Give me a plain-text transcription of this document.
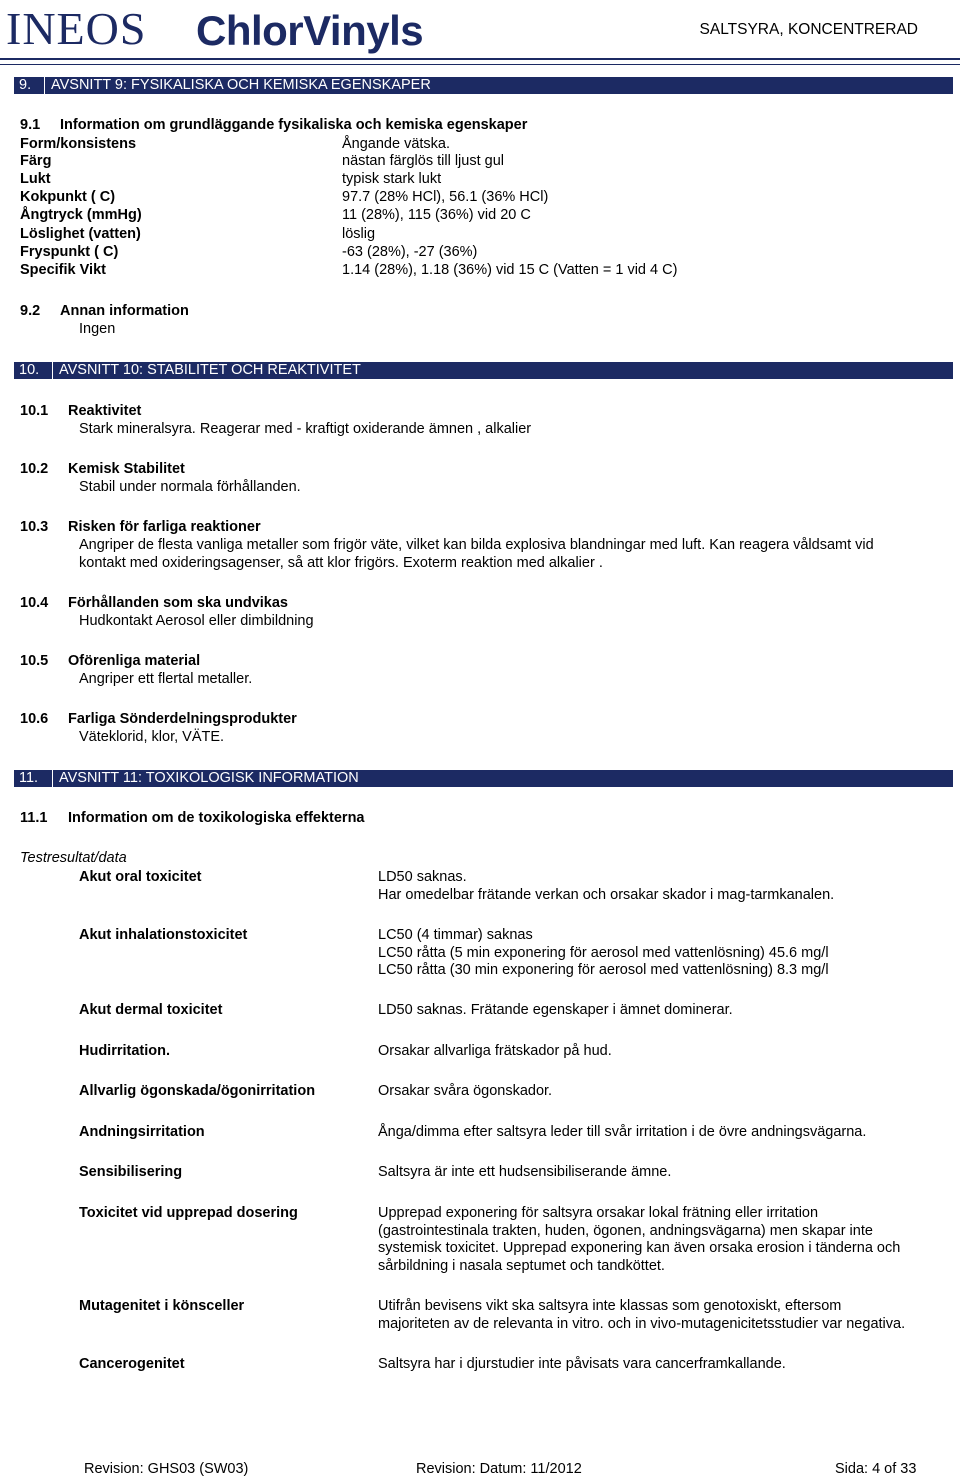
INEOS ChlorVinyls	SALTSYRA, KONCENTRERAD
9. AVSNITT 9: FYSIKALISKA OCH KEMISKA EGENSKAPER
9.1 Information om grundläggande fysikaliska och kemiska egenskaper
Form/konsistens	Ångande vätska.
Färg	nästan färglös till ljust gul
Lukt	typisk stark lukt
Kokpunkt ( C)	97.7 (28% HCl), 56.1 (36% HCl)
Ångtryck (mmHg)	11 (28%), 115 (36%) vid 20 C
Löslighet (vatten)	löslig
Fryspunkt ( C)	-63 (28%), -27 (36%)
Specifik Vikt	1.14 (28%), 1.18 (36%) vid 15 C (Vatten = 1 vid 4 C)
9.2 Annan information
Ingen
10. AVSNITT 10: STABILITET OCH REAKTIVITET
10.1 Reaktivitet
Stark mineralsyra. Reagerar med - kraftigt oxiderande ämnen , alkalier
10.2 Kemisk Stabilitet
Stabil under normala förhållanden.
10.3 Risken för farliga reaktioner
Angriper de flesta vanliga metaller som frigör väte, vilket kan bilda explosiva blandningar med luft. Kan reagera våldsamt vid
kontakt med oxideringsagenser, så att klor frigörs. Exoterm reaktion med alkalier .
10.4 Förhållanden som ska undvikas
Hudkontakt Aerosol eller dimbildning
10.5 Oförenliga material
Angriper ett flertal metaller.
10.6 Farliga Sönderdelningsprodukter
Väteklorid, klor, VÄTE.
11. AVSNITT 11: TOXIKOLOGISK INFORMATION
11.1 Information om de toxikologiska effekterna
Testresultat/data
Akut oral toxicitet	LD50 saknas.
Har omedelbar frätande verkan och orsakar skador i mag-tarmkanalen.
Akut inhalationstoxicitet	LC50 (4 timmar) saknas
LC50 råtta (5 min exponering för aerosol med vattenlösning) 45.6 mg/l
LC50 råtta (30 min exponering för aerosol med vattenlösning) 8.3 mg/l
Akut dermal toxicitet	LD50 saknas. Frätande egenskaper i ämnet dominerar.
Hudirritation.	Orsakar allvarliga frätskador på hud.
Allvarlig ögonskada/ögonirritation	Orsakar svåra ögonskador.
Andningsirritation	Ånga/dimma efter saltsyra leder till svår irritation i de övre andningsvägarna.
Sensibilisering	Saltsyra är inte ett hudsensibiliserande ämne.
Toxicitet vid upprepad dosering	Upprepad exponering för saltsyra orsakar lokal frätning eller irritation
(gastrointestinala trakten, huden, ögonen, andningsvägarna) men skapar inte
systemisk toxicitet. Upprepad exponering kan även orsaka erosion i tänderna och
sårbildning i nasala septumet och tandköttet.
Mutagenitet i könsceller	Utifrån bevisens vikt ska saltsyra inte klassas som genotoxiskt, eftersom
majoriteten av de relevanta in vitro. och in vivo-mutagenicitetsstudier var negativa.
Cancerogenitet	Saltsyra har i djurstudier inte påvisats vara cancerframkallande.
Revision: GHS03 (SW03)	Revision: Datum: 11/2012	Sida: 4 of 33
